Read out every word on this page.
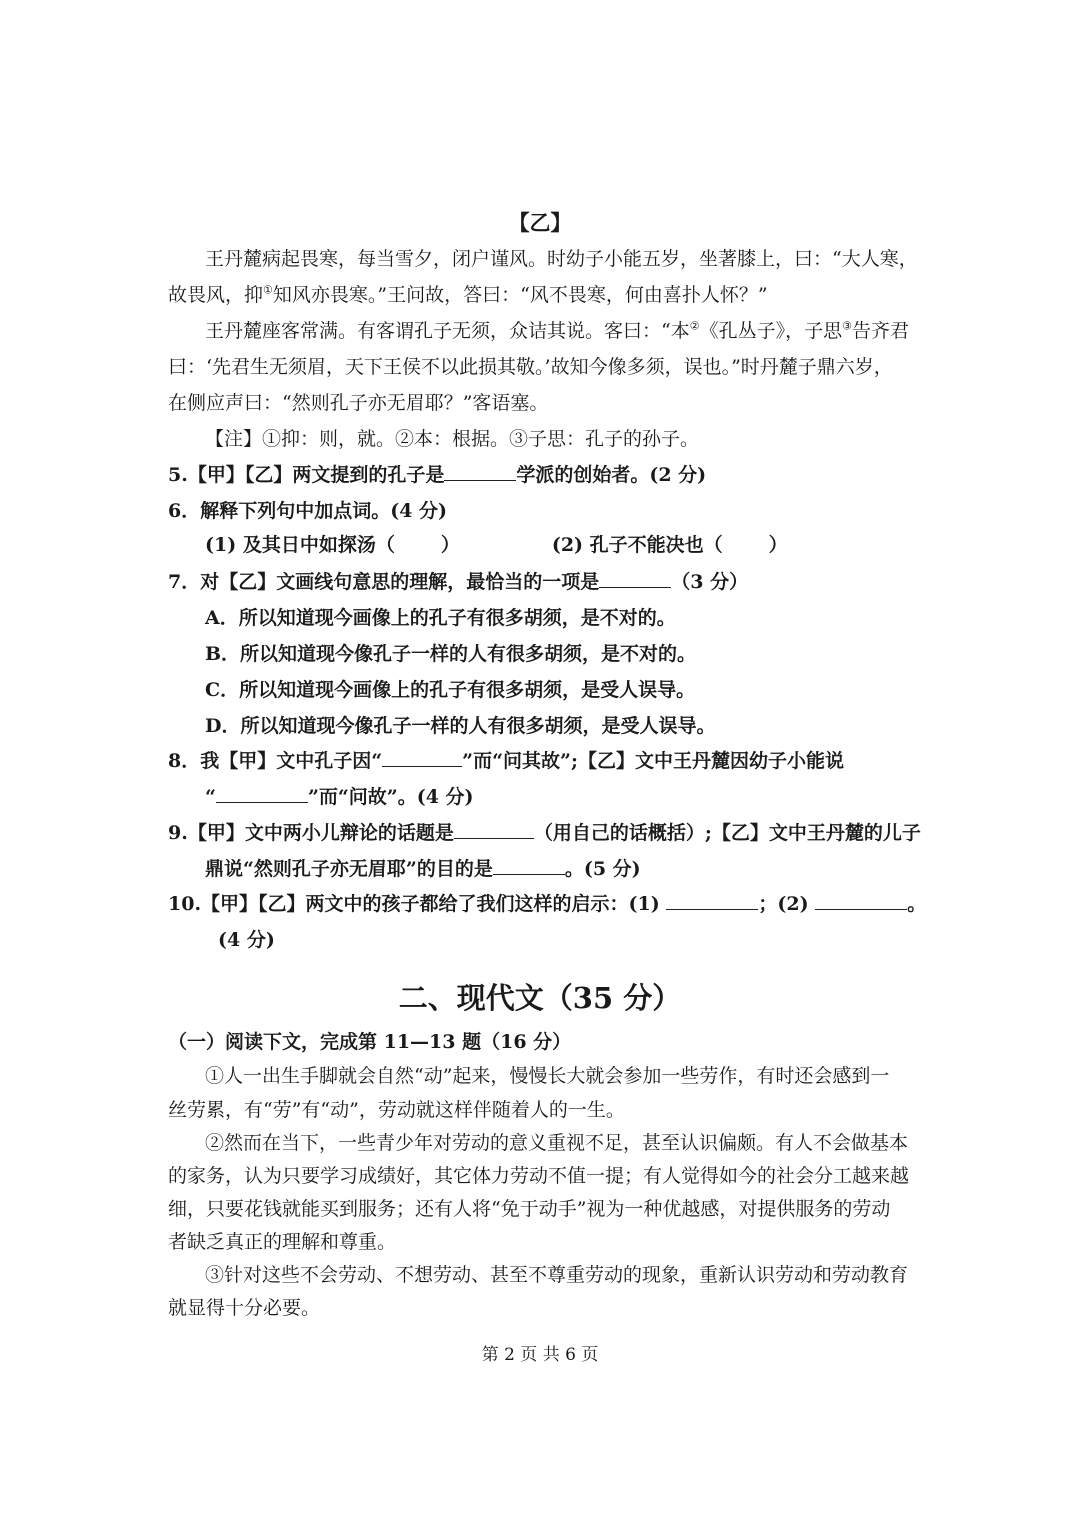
【乙】
王丹麓病起畏寒，每当雪夕，闭户谨风。时幼子小能五岁，坐著膝上，曰：“大人寒，
故畏风，抑①知风亦畏寒。”王问故，答曰：“风不畏寒，何由喜扑人怀？”
王丹麓座客常满。有客谓孔子无须，众诘其说。客曰：“本②《孔丛子》，子思③告齐君
曰：‘先君生无须眉，天下王侯不以此损其敬。’故知今像多须，误也。”时丹麓子鼎六岁，
在侧应声曰：“然则孔子亦无眉耶？”客语塞。
【注】①抑：则，就。②本：根据。③子思：孔子的孙子。
5.【甲】【乙】两文提到的孔子是	学派的创始者。(2 分)
6．解释下列句中加点词。(4 分)
(1) 及其日中如探汤（ ）	(2) 孔子不能决也（ ）
7．对【乙】文画线句意思的理解，最恰当的一项是	（3 分）
A．所以知道现今画像上的孔子有很多胡须，是不对的。
B．所以知道现今像孔子一样的人有很多胡须，是不对的。
C．所以知道现今画像上的孔子有很多胡须，是受人误导。
D．所以知道现今像孔子一样的人有很多胡须，是受人误导。
8．我【甲】文中孔子因“	”而“问其故”;【乙】文中王丹麓因幼子小能说
“	”而“问故”。(4 分)
9.【甲】文中两小儿辩论的话题是	（用自己的话概括）;【乙】文中王丹麓的儿子
鼎说“然则孔子亦无眉耶”的目的是	。(5 分)
10.【甲】【乙】两文中的孩子都给了我们这样的启示：(1)	；(2)	。
(4 分)
二、现代文（35 分）
（一）阅读下文，完成第 11—13 题（16 分）
①人一出生手脚就会自然“动”起来，慢慢长大就会参加一些劳作，有时还会感到一
丝劳累，有“劳”有“动”，劳动就这样伴随着人的一生。
②然而在当下，一些青少年对劳动的意义重视不足，甚至认识偏颇。有人不会做基本
的家务，认为只要学习成绩好，其它体力劳动不值一提；有人觉得如今的社会分工越来越
细，只要花钱就能买到服务；还有人将“免于动手”视为一种优越感，对提供服务的劳动
者缺乏真正的理解和尊重。
③针对这些不会劳动、不想劳动、甚至不尊重劳动的现象，重新认识劳动和劳动教育
就显得十分必要。
第 2 页 共 6 页
